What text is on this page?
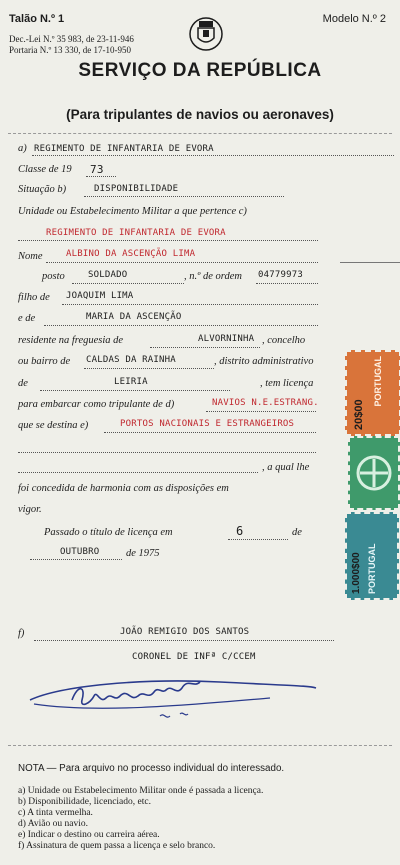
Talão N.º 1	Modelo N.º 2
Dec.-Lei N.º 35 983, de 23-11-946
Portaria N.º 13 330, de 17-10-950
SERVIÇO DA REPÚBLICA
(Para tripulantes de navios ou aeronaves)
a) REGIMENTO DE INFANTARIA DE EVORA
Classe de 19 73
Situação b)	DISPONIBILIDADE
Unidade ou Estabelecimento Militar a que pertence c)
REGIMENTO DE INFANTARIA DE EVORA
Nome	ALBINO DA ASCENÇÃO LIMA
posto	SOLDADO	, n.º de ordem 04779973
filho de JOAQUIM LIMA
e de	MARIA DA ASCENÇÃO
residente na freguesia de	ALVORNINHA , concelho
ou bairro de CALDAS DA RAINHA	, distrito administrativo
de	LEIRIA	, tem licença
para embarcar como tripulante de d)	NAVIOS N.E.ESTRANG.
que se destina e)	PORTOS NACIONAIS E ESTRANGEIROS
, a qual lhe
foi concedida de harmonia com as disposições em
vigor.
Passado o título de licença em	6	de
OUTUBRO	de 1975
PORTUGAL
20$00
1.000$00 PORTUGAL
f)	JOÃO REMIGIO DOS SANTOS
CORONEL DE INFª C/CCEM
NOTA — Para arquivo no processo individual do interessado.
a) Unidade ou Estabelecimento Militar onde é passada a licença.
b) Disponibilidade, licenciado, etc.
c) A tinta vermelha.
d) Avião ou navio.
e) Indicar o destino ou carreira aérea.
f) Assinatura de quem passa a licença e selo branco.
